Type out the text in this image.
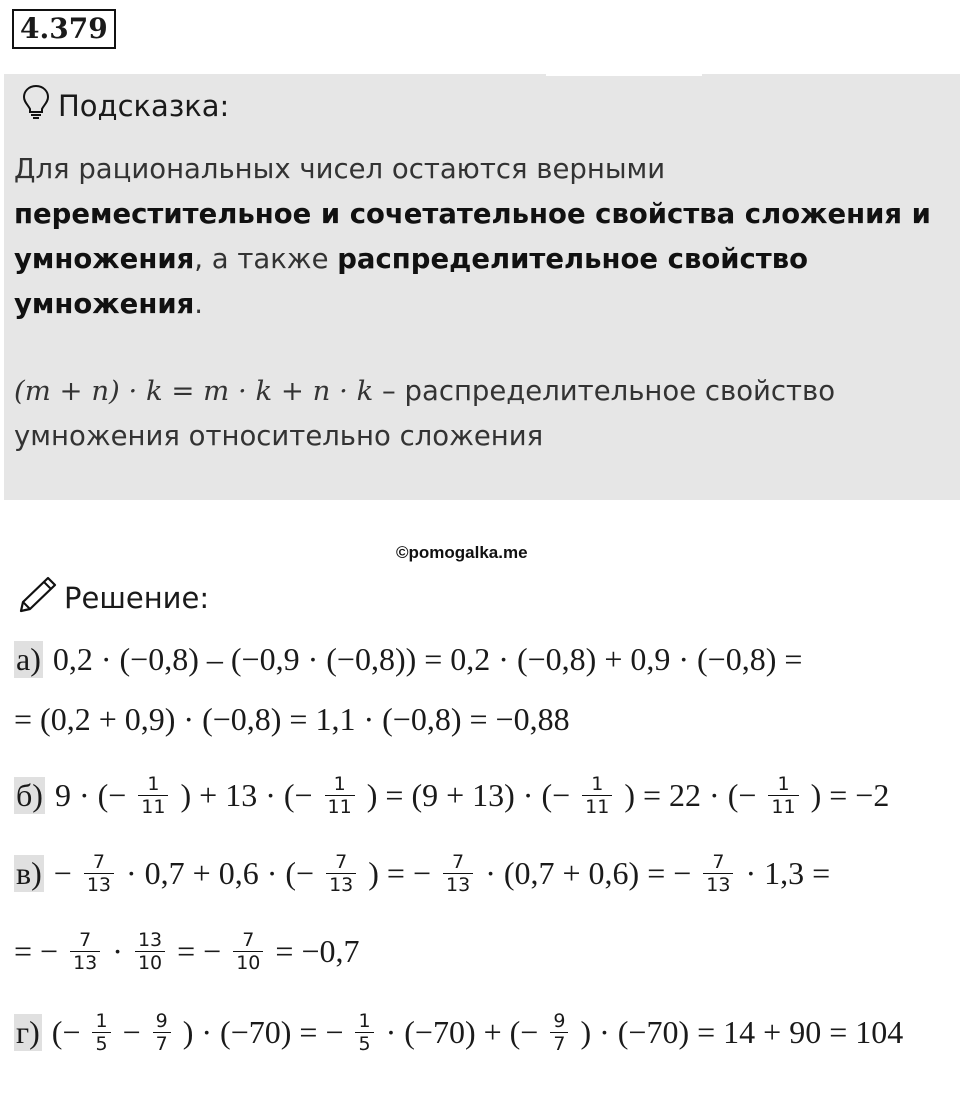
4.379
Подсказка:
Для рациональных чисел остаются верными
переместительное и сочетательное свойства сложения и умножения, а также распределительное свойство умножения.
(m + n) · k = m · k + n · k – распределительное свойство умножения относительно сложения
©pomogalka.me
Решение:
а) 0,2 · (−0,8) – (−0,9 · (−0,8)) = 0,2 · (−0,8) + 0,9 · (−0,8) =
= (0,2 + 0,9) · (−0,8) = 1,1 · (−0,8) = −0,88
б) 9 · (− $\frac{1}{11}$ ) + 13 · (− $\frac{1}{11}$ ) = (9 + 13) · (− $\frac{1}{11}$ ) = 22 · (− $\frac{1}{11}$ ) = −2
$в) - \frac{7}{13} \cdot 0,7 + 0,6$ · (− $\frac{7}{13}$ ) = − $\frac{7}{13} \cdot (0,7 + 0,6)$ = − $\frac{7}{13} \cdot 1,3$ =
= − $\frac{7}{13} \cdot \frac{13}{10}$ = − $\frac{7}{10} = -0,7$
г) (− $\frac{1}{5} - \frac{9}{7}$ ) · (−70) = − $\frac{1}{5} \cdot (-70)$ + (− $\frac{9}{7}$ ) · (−70) = 14 + 90 = 104
